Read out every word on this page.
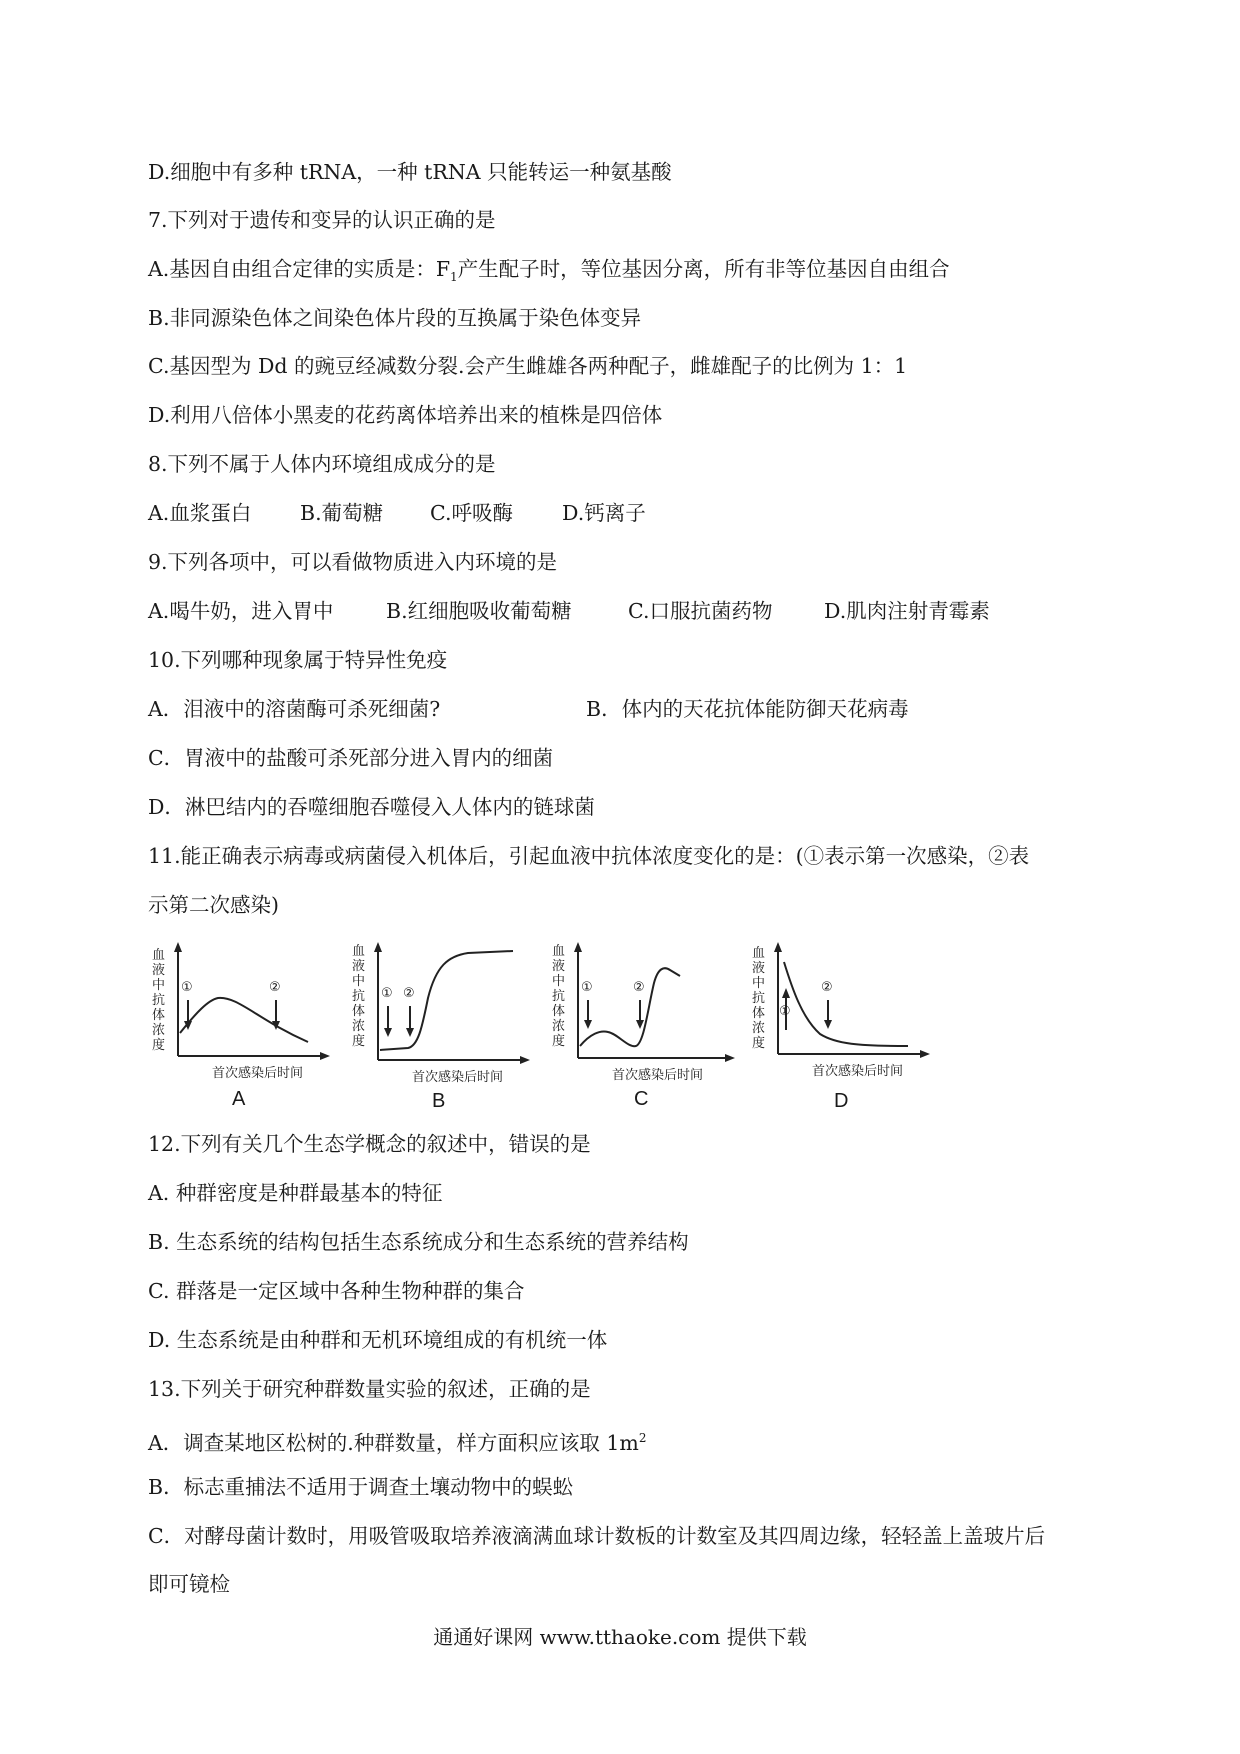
D.细胞中有多种 tRNA，一种 tRNA 只能转运一种氨基酸
7.下列对于遗传和变异的认识正确的是
A.基因自由组合定律的实质是：$F_1$产生配子时，等位基因分离，所有非等位基因自由组合
B.非同源染色体之间染色体片段的互换属于染色体变异
C.基因型为 Dd 的豌豆经减数分裂.会产生雌雄各两种配子，雌雄配子的比例为 1：1
D.利用八倍体小黑麦的花药离体培养出来的植株是四倍体
8.下列不属于人体内环境组成成分的是
A.血浆蛋白 B.葡萄糖 C.呼吸酶 D.钙离子
9.下列各项中，可以看做物质进入内环境的是
A.喝牛奶，进入胃中	B.红细胞吸收葡萄糖	C.口服抗菌药物	D.肌肉注射青霉素
10.下列哪种现象属于特异性免疫
A．泪液中的溶菌酶可杀死细菌?	B．体内的天花抗体能防御天花病毒
C．胃液中的盐酸可杀死部分进入胃内的细菌
D．淋巴结内的吞噬细胞吞噬侵入人体内的链球菌
11.能正确表示病毒或病菌侵入机体后，引起血液中抗体浓度变化的是：(①表示第一次感染，②表
示第二次感染)
血液中抗体浓度
首次感染后时间
①	②
A
血液中抗体浓度
首次感染后时间
① ②
B
血液中抗体浓度
首次感染后时间
①	②
C
血液中抗体浓度
首次感染后时间
①
②
D
12.下列有关几个生态学概念的叙述中，错误的是
A. 种群密度是种群最基本的特征
B. 生态系统的结构包括生态系统成分和生态系统的营养结构
C. 群落是一定区域中各种生物种群的集合
D. 生态系统是由种群和无机环境组成的有机统一体
13.下列关于研究种群数量实验的叙述，正确的是
A．调查某地区松树的.种群数量，样方面积应该取 $1m^2$
B．标志重捕法不适用于调查土壤动物中的蜈蚣
C．对酵母菌计数时，用吸管吸取培养液滴满血球计数板的计数室及其四周边缘，轻轻盖上盖玻片后
即可镜检
通通好课网 www.tthaoke.com 提供下载
